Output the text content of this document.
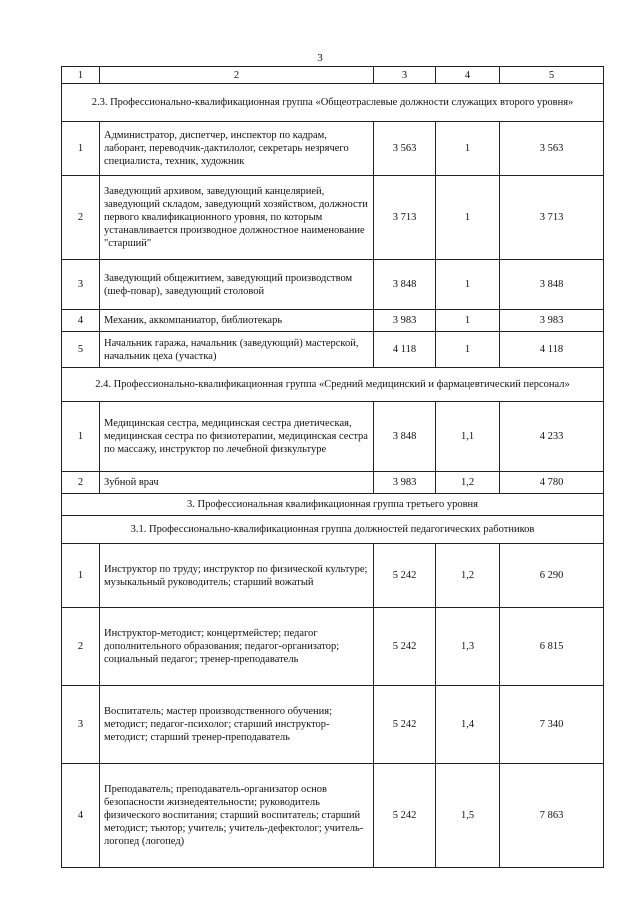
3
1	2	3	4	5
2.3. Профессионально-квалификационная группа «Общеотраслевые должности служащих второго уровня»				
1	Администратор, диспетчер, инспектор по кадрам, лаборант, переводчик-дактилолог, секретарь незрячего специалиста, техник, художник	3 563	1	3 563
2	Заведующий архивом, заведующий канцелярией, заведующий складом, заведующий хозяйством, должности первого квалификационного уровня, по которым устанавливается производное должностное наименование "старший"	3 713	1	3 713
3	Заведующий общежитием, заведующий производством (шеф-повар), заведующий столовой	3 848	1	3 848
4	Механик, аккомпаниатор, библиотекарь	3 983	1	3 983
5	Начальник гаража, начальник (заведующий) мастерской, начальник цеха (участка)	4 118	1	4 118
2.4. Профессионально-квалификационная группа «Средний медицинский и фармацевтический персонал»				
1	Медицинская сестра, медицинская сестра диетическая, медицинская сестра по физиотерапии, медицинская сестра по массажу, инструктор по лечебной физкультуре	3 848	1,1	4 233
2	Зубной врач	3 983	1,2	4 780
3. Профессиональная квалификационная группа третьего уровня				
3.1. Профессионально-квалификационная группа должностей педагогических работников				
1	Инструктор по труду; инструктор по физической культуре; музыкальный руководитель; старший вожатый	5 242	1,2	6 290
2	Инструктор-методист; концертмейстер; педагог дополнительного образования; педагог-организатор; социальный педагог; тренер-преподаватель	5 242	1,3	6 815
3	Воспитатель; мастер производственного обучения; методист; педагог-психолог; старший инструктор-методист; старший тренер-преподаватель	5 242	1,4	7 340
4	Преподаватель; преподаватель-организатор основ безопасности жизнедеятельности; руководитель физического воспитания; старший воспитатель; старший методист; тьютор; учитель; учитель-дефектолог; учитель-логопед (логопед)	5 242	1,5	7 863
